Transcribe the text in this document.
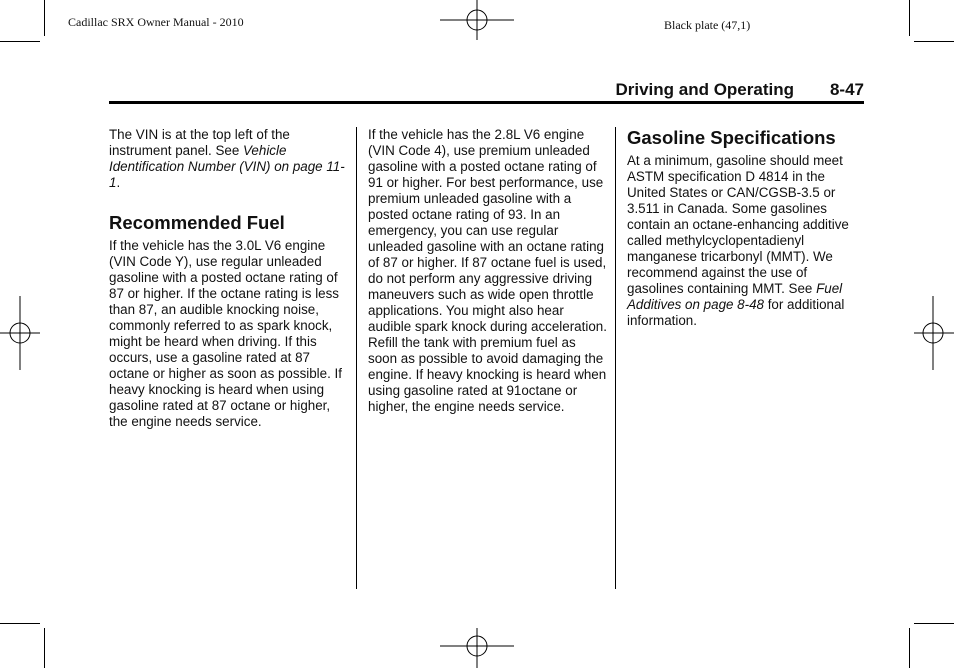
Cadillac SRX Owner Manual - 2010	Black plate (47,1)
Driving and Operating 8-47

The VIN is at the top left of the instrument panel. See Vehicle Identification Number (VIN) on page 11-1.

Recommended Fuel

If the vehicle has the 3.0L V6 engine (VIN Code Y), use regular unleaded gasoline with a posted octane rating of 87 or higher. If the octane rating is less than 87, an audible knocking noise, commonly referred to as spark knock, might be heard when driving. If this occurs, use a gasoline rated at 87 octane or higher as soon as possible. If heavy knocking is heard when using gasoline rated at 87 octane or higher, the engine needs service.

If the vehicle has the 2.8L V6 engine (VIN Code 4), use premium unleaded gasoline with a posted octane rating of 91 or higher. For best performance, use premium unleaded gasoline with a posted octane rating of 93. In an emergency, you can use regular unleaded gasoline with an octane rating of 87 or higher. If 87 octane fuel is used, do not perform any aggressive driving maneuvers such as wide open throttle applications. You might also hear audible spark knock during acceleration. Refill the tank with premium fuel as soon as possible to avoid damaging the engine. If heavy knocking is heard when using gasoline rated at 91octane or higher, the engine needs service.

Gasoline Specifications

At a minimum, gasoline should meet ASTM specification D 4814 in the United States or CAN/CGSB-3.5 or 3.511 in Canada. Some gasolines contain an octane-enhancing additive called methylcyclopentadienyl manganese tricarbonyl (MMT). We recommend against the use of gasolines containing MMT. See Fuel Additives on page 8-48 for additional information.
